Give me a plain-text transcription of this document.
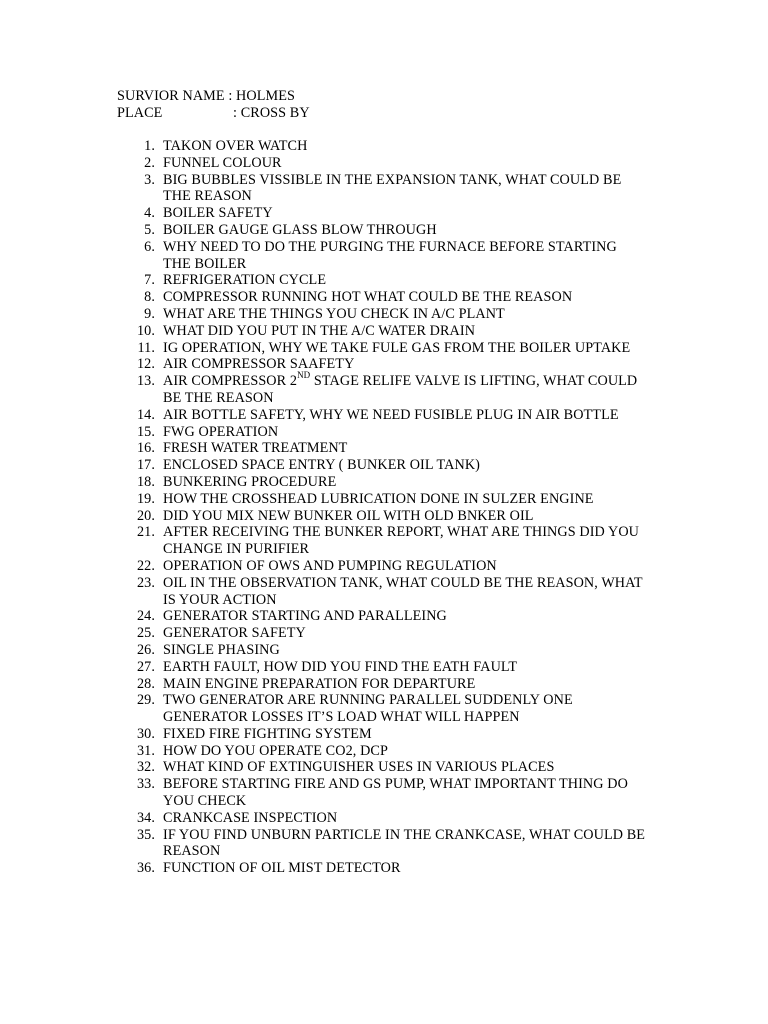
SURVIOR NAME : HOLMES
PLACE	: CROSS BY
1. TAKON OVER WATCH
2. FUNNEL COLOUR
3. BIG BUBBLES VISSIBLE IN THE EXPANSION TANK, WHAT COULD BE THE REASON
4. BOILER SAFETY
5. BOILER GAUGE GLASS BLOW THROUGH
6. WHY NEED TO DO THE PURGING THE FURNACE BEFORE STARTING THE BOILER
7. REFRIGERATION CYCLE
8. COMPRESSOR RUNNING HOT WHAT COULD BE THE REASON
9. WHAT ARE THE THINGS YOU CHECK IN A/C PLANT
10. WHAT DID YOU PUT IN THE A/C WATER DRAIN
11. IG OPERATION, WHY WE TAKE FULE GAS FROM THE BOILER UPTAKE
12. AIR COMPRESSOR SAAFETY
13. AIR COMPRESSOR 2ND STAGE RELIFE VALVE IS LIFTING, WHAT COULD BE THE REASON
14. AIR BOTTLE SAFETY, WHY WE NEED FUSIBLE PLUG IN AIR BOTTLE
15. FWG OPERATION
16. FRESH WATER TREATMENT
17. ENCLOSED SPACE ENTRY ( BUNKER OIL TANK)
18. BUNKERING PROCEDURE
19. HOW THE CROSSHEAD LUBRICATION DONE IN SULZER ENGINE
20. DID YOU MIX NEW BUNKER OIL WITH OLD BNKER OIL
21. AFTER RECEIVING THE BUNKER REPORT, WHAT ARE THINGS DID YOU CHANGE IN PURIFIER
22. OPERATION OF OWS AND PUMPING REGULATION
23. OIL IN THE OBSERVATION TANK, WHAT COULD BE THE REASON, WHAT IS YOUR ACTION
24. GENERATOR STARTING AND PARALLEING
25. GENERATOR SAFETY
26. SINGLE PHASING
27. EARTH FAULT, HOW DID YOU FIND THE EATH FAULT
28. MAIN ENGINE PREPARATION FOR DEPARTURE
29. TWO GENERATOR ARE RUNNING PARALLEL SUDDENLY ONE GENERATOR LOSSES IT’S LOAD WHAT WILL HAPPEN
30. FIXED FIRE FIGHTING SYSTEM
31. HOW DO YOU OPERATE CO2, DCP
32. WHAT KIND OF EXTINGUISHER USES IN VARIOUS PLACES
33. BEFORE STARTING FIRE AND GS PUMP, WHAT IMPORTANT THING DO YOU CHECK
34. CRANKCASE INSPECTION
35. IF YOU FIND UNBURN PARTICLE IN THE CRANKCASE, WHAT COULD BE REASON
36. FUNCTION OF OIL MIST DETECTOR
